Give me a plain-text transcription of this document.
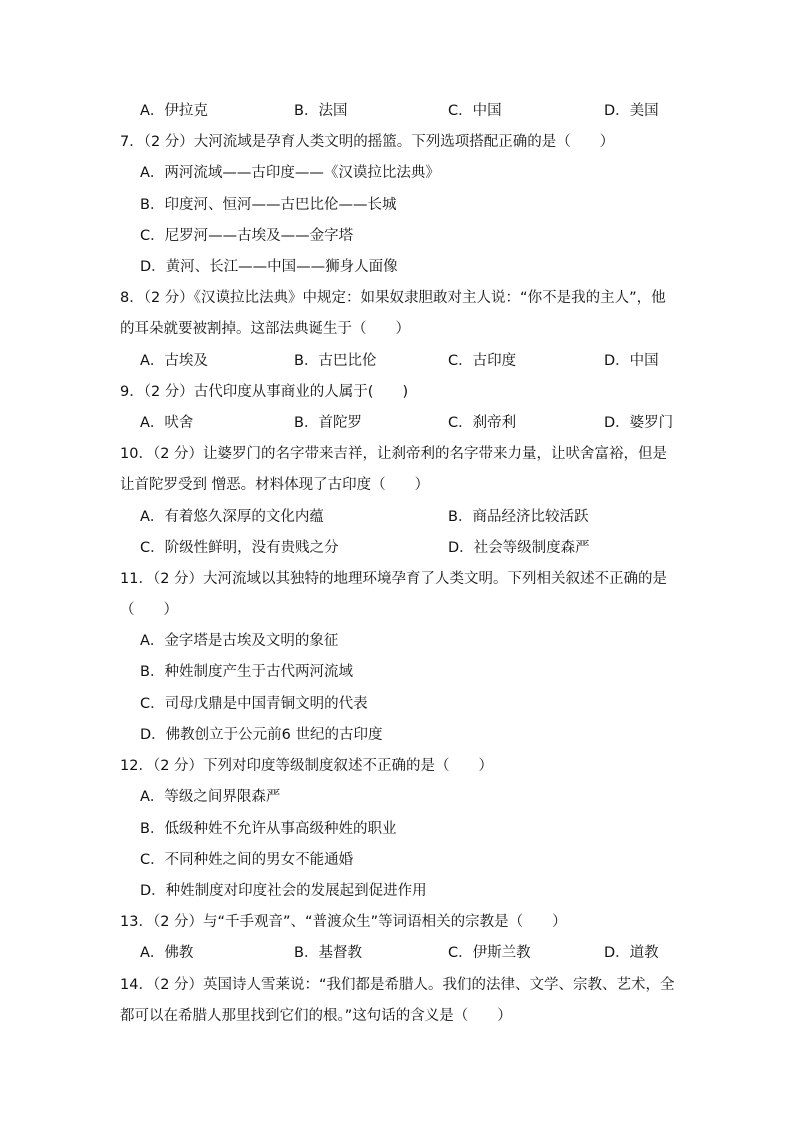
A．伊拉克	B．法国	C．中国	D．美国
7．（2 分）大河流域是孕育人类文明的摇篮。下列选项搭配正确的是（　　）
A．两河流域——古印度——《汉谟拉比法典》
B．印度河、恒河——古巴比伦——长城
C．尼罗河——古埃及——金字塔
D．黄河、长江——中国——狮身人面像
8．（2 分）《汉谟拉比法典》中规定：如果奴隶胆敢对主人说：“你不是我的主人”，他
的耳朵就要被割掉。这部法典诞生于（　　）
A．古埃及	B．古巴比伦	C．古印度	D．中国
9．（2 分）古代印度从事商业的人属于(　　)
A．吠舍	B．首陀罗	C．刹帝利	D．婆罗门
10．（2 分）让婆罗门的名字带来吉祥，让刹帝利的名字带来力量，让吠舍富裕，但是
让首陀罗受到 憎恶。材料体现了古印度（　　）
A．有着悠久深厚的文化内蕴	B．商品经济比较活跃
C．阶级性鲜明，没有贵贱之分	D．社会等级制度森严
11．（2 分）大河流域以其独特的地理环境孕育了人类文明。下列相关叙述不正确的是
（　　）
A．金字塔是古埃及文明的象征
B．种姓制度产生于古代两河流域
C．司母戊鼎是中国青铜文明的代表
D．佛教创立于公元前6 世纪的古印度
12．（2 分）下列对印度等级制度叙述不正确的是（　　）
A．等级之间界限森严
B．低级种姓不允许从事高级种姓的职业
C．不同种姓之间的男女不能通婚
D．种姓制度对印度社会的发展起到促进作用
13．（2 分）与“千手观音”、“普渡众生”等词语相关的宗教是（　　）
A．佛教	B．基督教	C．伊斯兰教	D．道教
14．（2 分）英国诗人雪莱说：“我们都是希腊人。我们的法律、文学、宗教、艺术，全
都可以在希腊人那里找到它们的根。”这句话的含义是（　　）
